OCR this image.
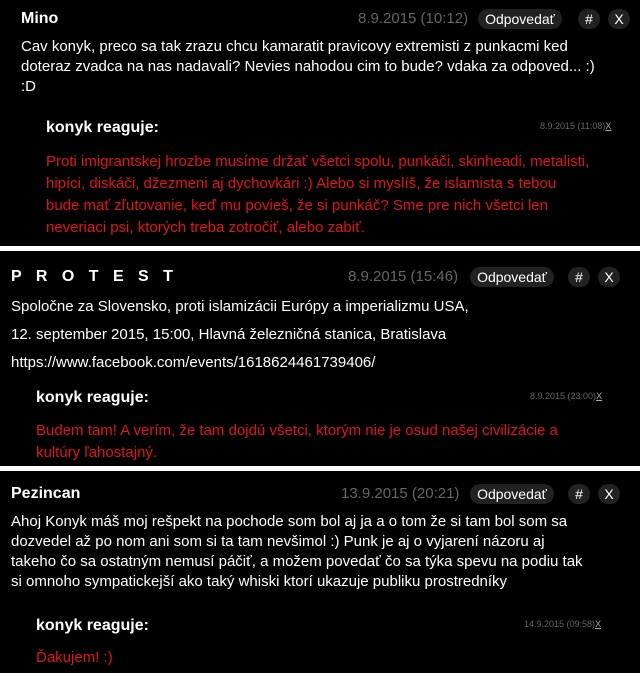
Mino	8.9.2015 (10:12)	Odpovedať	#	X
Cav konyk, preco sa tak zrazu chcu kamaratit pravicovy extremisti z punkacmi ked
doteraz zvadca na nas nadavali? Nevies nahodou cim to bude? vdaka za odpoved... :)
:D
konyk reaguje:	8.9.2015 (11:08)X
Proti imigrantskej hrozbe musíme držať všetci spolu, punkáči, skinheadi, metalisti,
hipíci, diskáči, džezmeni aj dychovkári :) Alebo si myslíš, že islamista s tebou
bude mať zľutovanie, keď mu povieš, že si punkáč? Sme pre nich všetci len
neveriaci psi, ktorých treba zotročiť, alebo zabiť.
P R O T E S T	8.9.2015 (15:46)	Odpovedať	#	X
Spoločne za Slovensko, proti islamizácii Európy a imperializmu USA,
12. september 2015, 15:00, Hlavná železničná stanica, Bratislava
https://www.facebook.com/events/1618624461739406/
konyk reaguje:	8.9.2015 (23:00)X
Budem tam! A verím, že tam dojdú všetci, ktorým nie je osud našej civilizácie a
kultúry ľahostajný.
Pezincan	13.9.2015 (20:21)	Odpovedať	#	X
Ahoj Konyk máš moj rešpekt na pochode som bol aj ja a o tom že si tam bol som sa
dozvedel až po nom ani som si ta tam nevšimol :) Punk je aj o vyjarení názoru aj
takeho čo sa ostatným nemusí páčiť, a možem povedať čo sa týka spevu na podiu tak
si omnoho sympatickejší ako taký whiski ktorí ukazuje publiku prostredníky
konyk reaguje:	14.9.2015 (09:58)X
Ďakujem! :)
